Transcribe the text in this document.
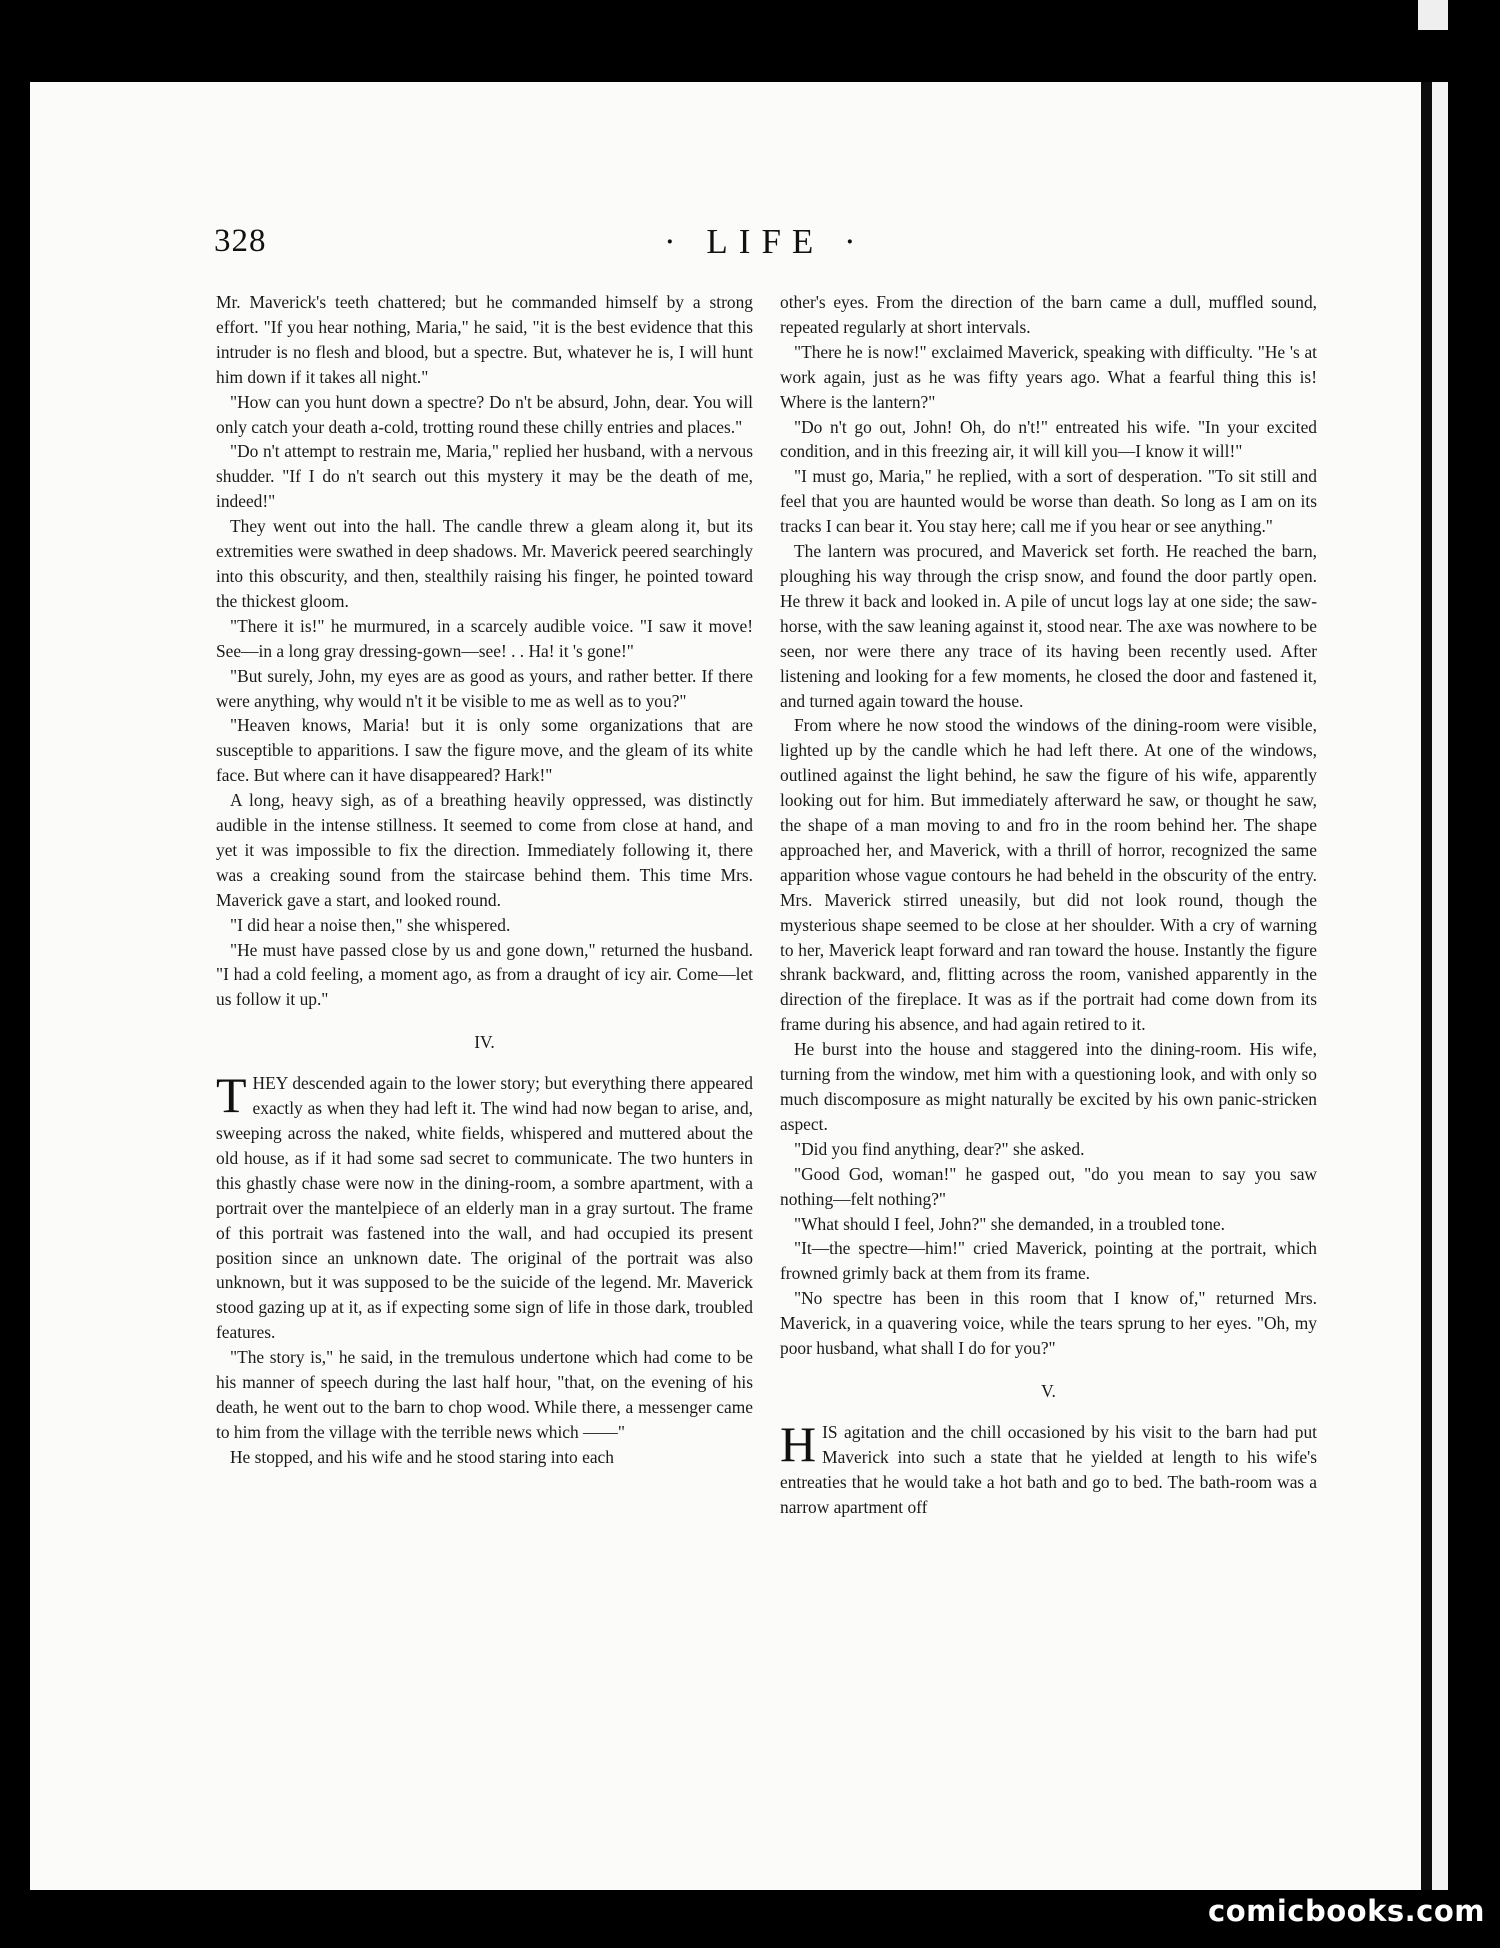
328	· LIFE ·

Mr. Maverick's teeth chattered; but he commanded himself by a strong effort. "If you hear nothing, Maria," he said, "it is the best evidence that this intruder is no flesh and blood, but a spectre. But, whatever he is, I will hunt him down if it takes all night."

"How can you hunt down a spectre? Do n't be absurd, John, dear. You will only catch your death a-cold, trotting round these chilly entries and places."

"Do n't attempt to restrain me, Maria," replied her husband, with a nervous shudder. "If I do n't search out this mystery it may be the death of me, indeed!"

They went out into the hall. The candle threw a gleam along it, but its extremities were swathed in deep shadows. Mr. Maverick peered searchingly into this obscurity, and then, stealthily raising his finger, he pointed toward the thickest gloom.

"There it is!" he murmured, in a scarcely audible voice. "I saw it move! See—in a long gray dressing-gown—see! . . Ha! it 's gone!"

"But surely, John, my eyes are as good as yours, and rather better. If there were anything, why would n't it be visible to me as well as to you?"

"Heaven knows, Maria! but it is only some organizations that are susceptible to apparitions. I saw the figure move, and the gleam of its white face. But where can it have disappeared? Hark!"

A long, heavy sigh, as of a breathing heavily oppressed, was distinctly audible in the intense stillness. It seemed to come from close at hand, and yet it was impossible to fix the direction. Immediately following it, there was a creaking sound from the staircase behind them. This time Mrs. Maverick gave a start, and looked round.

"I did hear a noise then," she whispered.

"He must have passed close by us and gone down," returned the husband. "I had a cold feeling, a moment ago, as from a draught of icy air. Come—let us follow it up."

IV.

THEY descended again to the lower story; but everything there appeared exactly as when they had left it. The wind had now began to arise, and, sweeping across the naked, white fields, whispered and muttered about the old house, as if it had some sad secret to communicate. The two hunters in this ghastly chase were now in the dining-room, a sombre apartment, with a portrait over the mantelpiece of an elderly man in a gray surtout. The frame of this portrait was fastened into the wall, and had occupied its present position since an unknown date. The original of the portrait was also unknown, but it was supposed to be the suicide of the legend. Mr. Maverick stood gazing up at it, as if expecting some sign of life in those dark, troubled features.

"The story is," he said, in the tremulous undertone which had come to be his manner of speech during the last half hour, "that, on the evening of his death, he went out to the barn to chop wood. While there, a messenger came to him from the village with the terrible news which ——"

He stopped, and his wife and he stood staring into each

other's eyes. From the direction of the barn came a dull, muffled sound, repeated regularly at short intervals.

"There he is now!" exclaimed Maverick, speaking with difficulty. "He 's at work again, just as he was fifty years ago. What a fearful thing this is! Where is the lantern?"

"Do n't go out, John! Oh, do n't!" entreated his wife. "In your excited condition, and in this freezing air, it will kill you—I know it will!"

"I must go, Maria," he replied, with a sort of desperation. "To sit still and feel that you are haunted would be worse than death. So long as I am on its tracks I can bear it. You stay here; call me if you hear or see anything."

The lantern was procured, and Maverick set forth. He reached the barn, ploughing his way through the crisp snow, and found the door partly open. He threw it back and looked in. A pile of uncut logs lay at one side; the saw-horse, with the saw leaning against it, stood near. The axe was nowhere to be seen, nor were there any trace of its having been recently used. After listening and looking for a few moments, he closed the door and fastened it, and turned again toward the house.

From where he now stood the windows of the dining-room were visible, lighted up by the candle which he had left there. At one of the windows, outlined against the light behind, he saw the figure of his wife, apparently looking out for him. But immediately afterward he saw, or thought he saw, the shape of a man moving to and fro in the room behind her. The shape approached her, and Maverick, with a thrill of horror, recognized the same apparition whose vague contours he had beheld in the obscurity of the entry. Mrs. Maverick stirred uneasily, but did not look round, though the mysterious shape seemed to be close at her shoulder. With a cry of warning to her, Maverick leapt forward and ran toward the house. Instantly the figure shrank backward, and, flitting across the room, vanished apparently in the direction of the fireplace. It was as if the portrait had come down from its frame during his absence, and had again retired to it.

He burst into the house and staggered into the dining-room. His wife, turning from the window, met him with a questioning look, and with only so much discomposure as might naturally be excited by his own panic-stricken aspect.

"Did you find anything, dear?" she asked.

"Good God, woman!" he gasped out, "do you mean to say you saw nothing—felt nothing?"

"What should I feel, John?" she demanded, in a troubled tone.

"It—the spectre—him!" cried Maverick, pointing at the portrait, which frowned grimly back at them from its frame.

"No spectre has been in this room that I know of," returned Mrs. Maverick, in a quavering voice, while the tears sprung to her eyes. "Oh, my poor husband, what shall I do for you?"

V.

HIS agitation and the chill occasioned by his visit to the barn had put Maverick into such a state that he yielded at length to his wife's entreaties that he would take a hot bath and go to bed. The bath-room was a narrow apartment off

comicbooks.com
